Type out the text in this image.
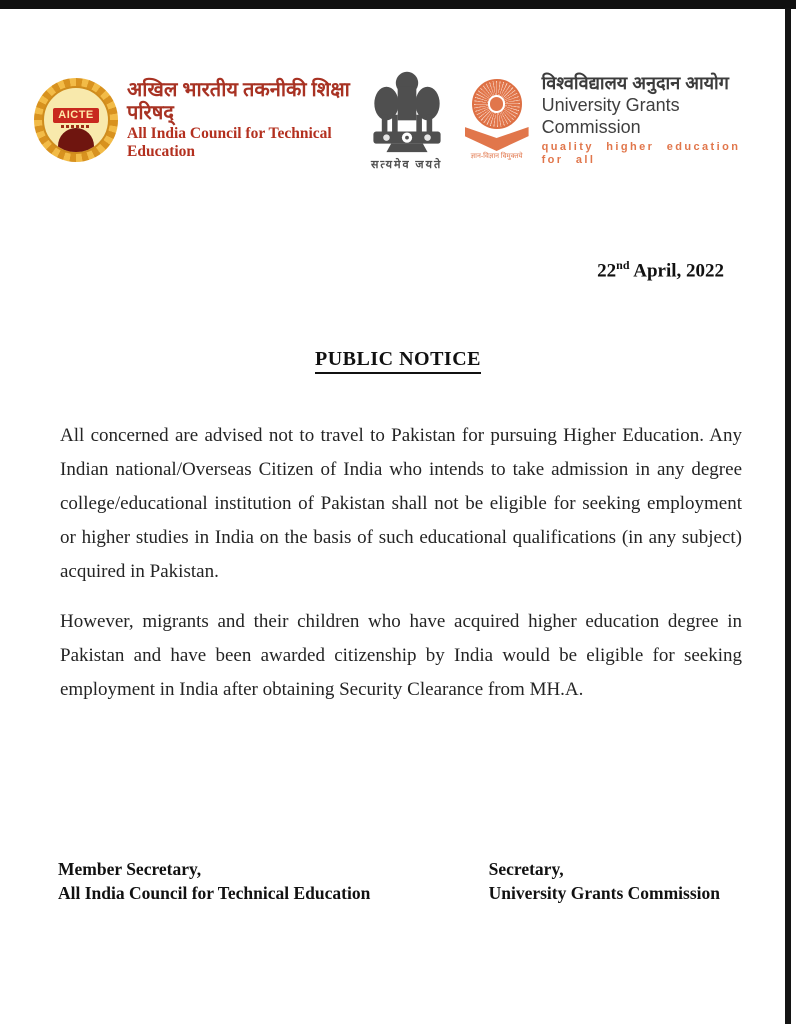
AICTE
अखिल भारतीय तकनीकी शिक्षा परिषद्
All India Council for Technical Education
सत्यमेव जयते
ज्ञान-विज्ञान विमुक्तये
विश्वविद्यालय अनुदान आयोग
University Grants Commission
quality higher education for all
22nd April, 2022
PUBLIC NOTICE

All concerned are advised not to travel to Pakistan for pursuing Higher Education. Any Indian national/Overseas Citizen of India who intends to take admission in any degree college/educational institution of Pakistan shall not be eligible for seeking employment or higher studies in India on the basis of such educational qualifications (in any subject) acquired in Pakistan.

However, migrants and their children who have acquired higher education degree in Pakistan and have been awarded citizenship by India would be eligible for seeking employment in India after obtaining Security Clearance from MH.A.

Member Secretary,
All India Council for Technical Education
Secretary,
University Grants Commission
